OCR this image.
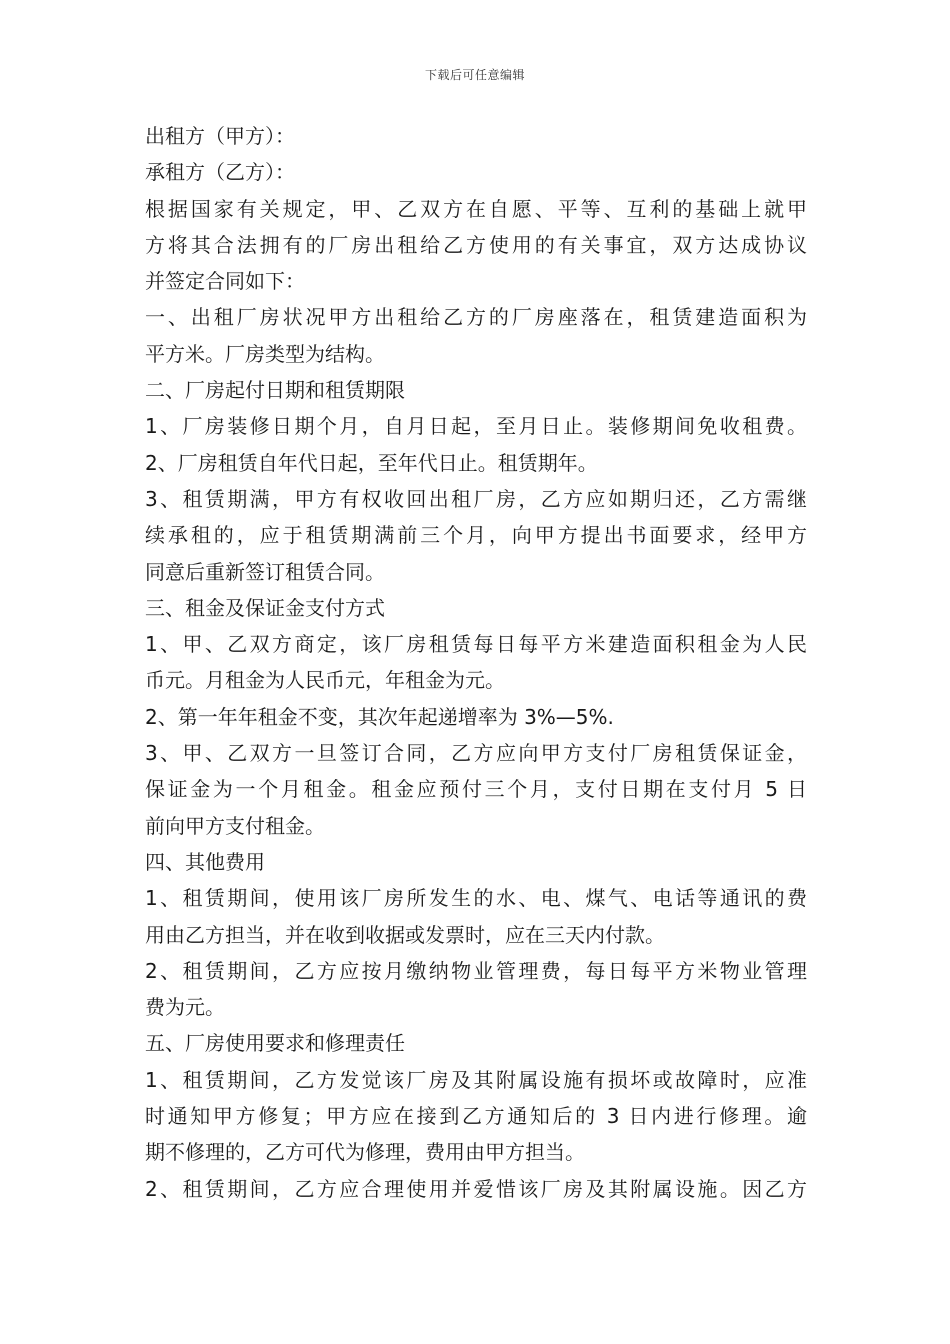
下载后可任意编辑
出租方（甲方）：
承租方（乙方）：
根据国家有关规定，甲、乙双方在自愿、平等、互利的基础上就甲
方将其合法拥有的厂房出租给乙方使用的有关事宜，双方达成协议
并签定合同如下：
一、出租厂房状况甲方出租给乙方的厂房座落在，租赁建造面积为
平方米。厂房类型为结构。
二、厂房起付日期和租赁期限
1、厂房装修日期个月，自月日起，至月日止。装修期间免收租费。
2、厂房租赁自年代日起，至年代日止。租赁期年。
3、租赁期满，甲方有权收回出租厂房，乙方应如期归还，乙方需继
续承租的，应于租赁期满前三个月，向甲方提出书面要求，经甲方
同意后重新签订租赁合同。
三、租金及保证金支付方式
1、甲、乙双方商定，该厂房租赁每日每平方米建造面积租金为人民
币元。月租金为人民币元，年租金为元。
2、第一年年租金不变，其次年起递增率为 3%—5%.
3、甲、乙双方一旦签订合同，乙方应向甲方支付厂房租赁保证金，
保证金为一个月租金。租金应预付三个月，支付日期在支付月 5 日
前向甲方支付租金。
四、其他费用
1、租赁期间，使用该厂房所发生的水、电、煤气、电话等通讯的费
用由乙方担当，并在收到收据或发票时，应在三天内付款。
2、租赁期间，乙方应按月缴纳物业管理费，每日每平方米物业管理
费为元。
五、厂房使用要求和修理责任
1、租赁期间，乙方发觉该厂房及其附属设施有损坏或故障时，应准
时通知甲方修复；甲方应在接到乙方通知后的 3 日内进行修理。逾
期不修理的，乙方可代为修理，费用由甲方担当。
2、租赁期间，乙方应合理使用并爱惜该厂房及其附属设施。因乙方
